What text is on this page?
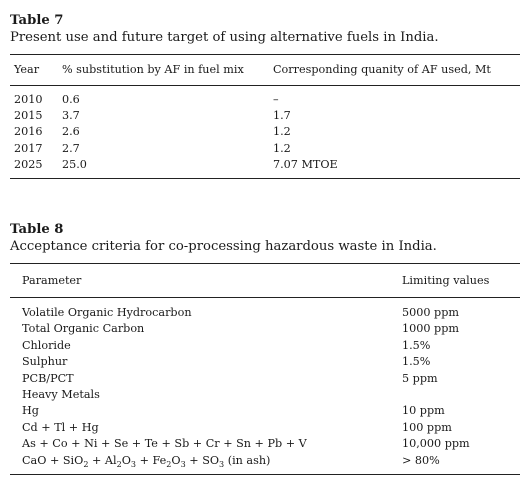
Table 7
Present use and future target of using alternative fuels in India.
Year	% substitution by AF in fuel mix	Corresponding quanity of AF used, Mt

2010	0.6	–
2015	3.7	1.7
2016	2.6	1.2
2017	2.7	1.2
2025	25.0	7.07 MTOE
Table 8
Acceptance criteria for co-processing hazardous waste in India.
Parameter	Limiting values

Volatile Organic Hydrocarbon	5000 ppm
Total Organic Carbon	1000 ppm
Chloride	1.5%
Sulphur	1.5%
PCB/PCT	5 ppm
Heavy Metals	
Hg	10 ppm
Cd + Tl + Hg	100 ppm
As + Co + Ni + Se + Te + Sb + Cr + Sn + Pb + V	10,000 ppm
CaO + $SiO_2 + Al_2O_3 + Fe_2O_3 + SO_3$ (in ash)	> 80%
